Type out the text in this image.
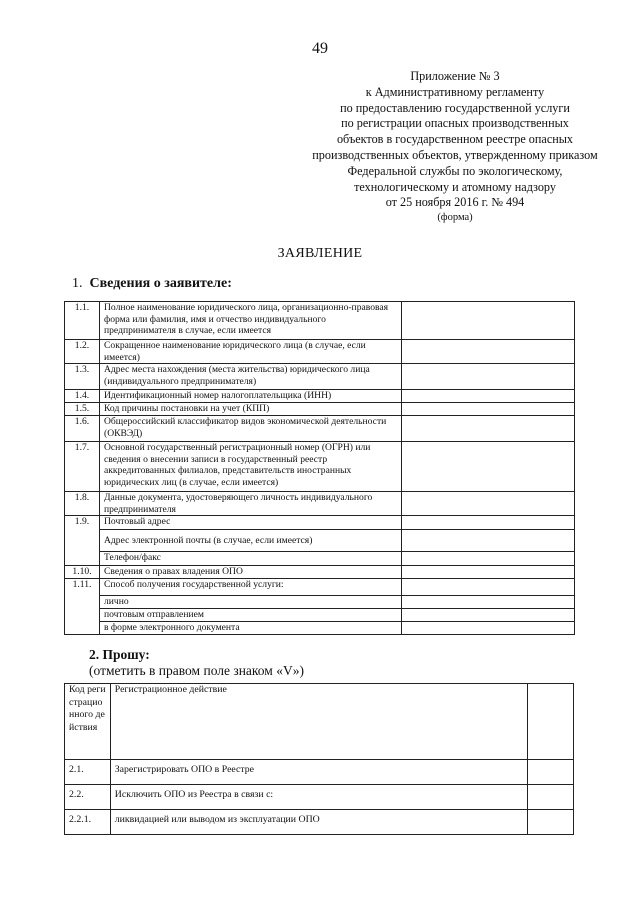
49
Приложение № 3
к Административному регламенту
по предоставлению государственной услуги
по регистрации опасных производственных
объектов в государственном реестре опасных
производственных объектов, утвержденному приказом
Федеральной службы по экологическому,
технологическому и атомному надзору
от 25 ноября 2016 г. № 494
(форма)
ЗАЯВЛЕНИЕ
1. Сведения о заявителе:
1.1.	Полное наименование юридического лица, организационно-правовая форма или фамилия, имя и отчество индивидуального предпринимателя в случае, если имеется	
1.2.	Сокращенное наименование юридического лица (в случае, если имеется)	
1.3.	Адрес места нахождения (места жительства) юридического лица (индивидуального предпринимателя)	
1.4.	Идентификационный номер налогоплательщика (ИНН)	
1.5.	Код причины постановки на учет (КПП)	
1.6.	Общероссийский классификатор видов экономической деятельности (ОКВЭД)	
1.7.	Основной государственный регистрационный номер (ОГРН) или сведения о внесении записи в государственный реестр аккредитованных филиалов, представительств иностранных юридических лиц (в случае, если имеется)	
1.8.	Данные документа, удостоверяющего личность индивидуального предпринимателя	
1.9.	Почтовый адрес	
	Адрес электронной почты (в случае, если имеется)	
	Телефон/факс	
1.10.	Сведения о правах владения ОПО	
1.11.	Способ получения государственной услуги:	
	лично	
	почтовым отправлением	
	в форме электронного документа	
2. Прошу:
(отметить в правом поле знаком «V»)
Код регистрационного действия	Регистрационное действие	
2.1.	Зарегистрировать ОПО в Реестре	
2.2.	Исключить ОПО из Реестра в связи с:	
2.2.1.	ликвидацией или выводом из эксплуатации ОПО	
